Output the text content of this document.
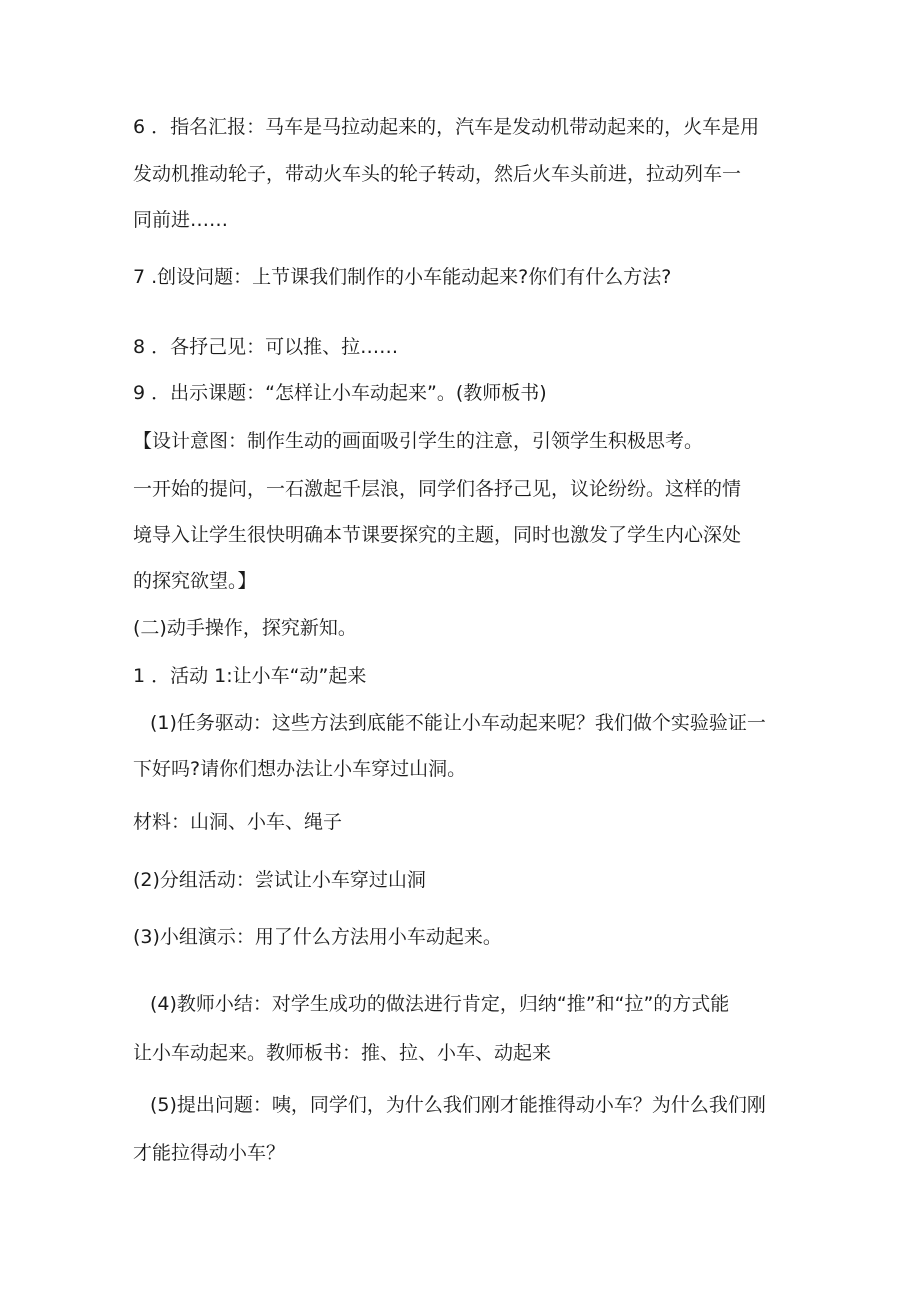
6 ．指名汇报：马车是马拉动起来的，汽车是发动机带动起来的，火车是用
发动机推动轮子，带动火车头的轮子转动，然后火车头前进，拉动列车一
同前进……
7 .创设问题：上节课我们制作的小车能动起来?你们有什么方法?
8 ．各抒己见：可以推、拉……
9 ．出示课题：“怎样让小车动起来”。(教师板书)
【设计意图：制作生动的画面吸引学生的注意，引领学生积极思考。
一开始的提问，一石激起千层浪，同学们各抒己见，议论纷纷。这样的情
境导入让学生很快明确本节课要探究的主题，同时也激发了学生内心深处
的探究欲望。】
(二)动手操作，探究新知。
1 ．活动 1:让小车“动”起来
(1)任务驱动：这些方法到底能不能让小车动起来呢？我们做个实验验证一
下好吗?请你们想办法让小车穿过山洞。
材料：山洞、小车、绳子
(2)分组活动：尝试让小车穿过山洞
(3)小组演示：用了什么方法用小车动起来。
(4)教师小结：对学生成功的做法进行肯定，归纳“推”和“拉”的方式能
让小车动起来。教师板书：推、拉、小车、动起来
(5)提出问题：咦，同学们，为什么我们刚才能推得动小车？为什么我们刚
才能拉得动小车？
